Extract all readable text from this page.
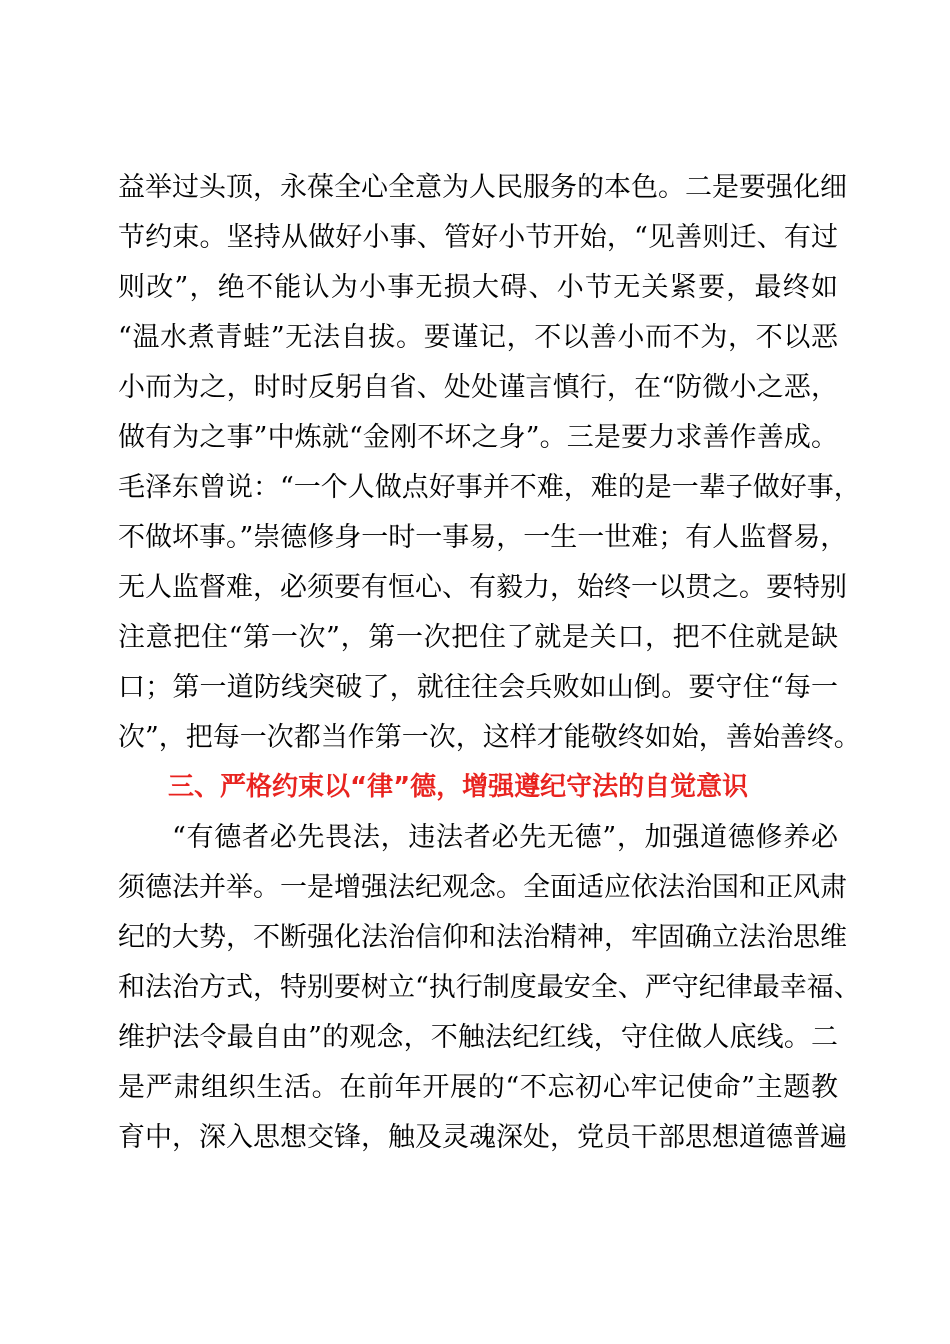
益举过头顶，永葆全心全意为人民服务的本色。二是要强化细
节约束。坚持从做好小事、管好小节开始，“见善则迁、有过
则改”，绝不能认为小事无损大碍、小节无关紧要，最终如
“温水煮青蛙”无法自拔。要谨记，不以善小而不为，不以恶
小而为之，时时反躬自省、处处谨言慎行，在“防微小之恶，
做有为之事”中炼就“金刚不坏之身”。三是要力求善作善成。
毛泽东曾说：“一个人做点好事并不难，难的是一辈子做好事，
不做坏事。”崇德修身一时一事易，一生一世难；有人监督易，
无人监督难，必须要有恒心、有毅力，始终一以贯之。要特别
注意把住“第一次”，第一次把住了就是关口，把不住就是缺
口；第一道防线突破了，就往往会兵败如山倒。要守住“每一
次”，把每一次都当作第一次，这样才能敬终如始，善始善终。
三、严格约束以“律”德，增强遵纪守法的自觉意识
“有德者必先畏法，违法者必先无德”，加强道德修养必
须德法并举。一是增强法纪观念。全面适应依法治国和正风肃
纪的大势，不断强化法治信仰和法治精神，牢固确立法治思维
和法治方式，特别要树立“执行制度最安全、严守纪律最幸福、
维护法令最自由”的观念，不触法纪红线，守住做人底线。二
是严肃组织生活。在前年开展的“不忘初心牢记使命”主题教
育中，深入思想交锋，触及灵魂深处，党员干部思想道德普遍
